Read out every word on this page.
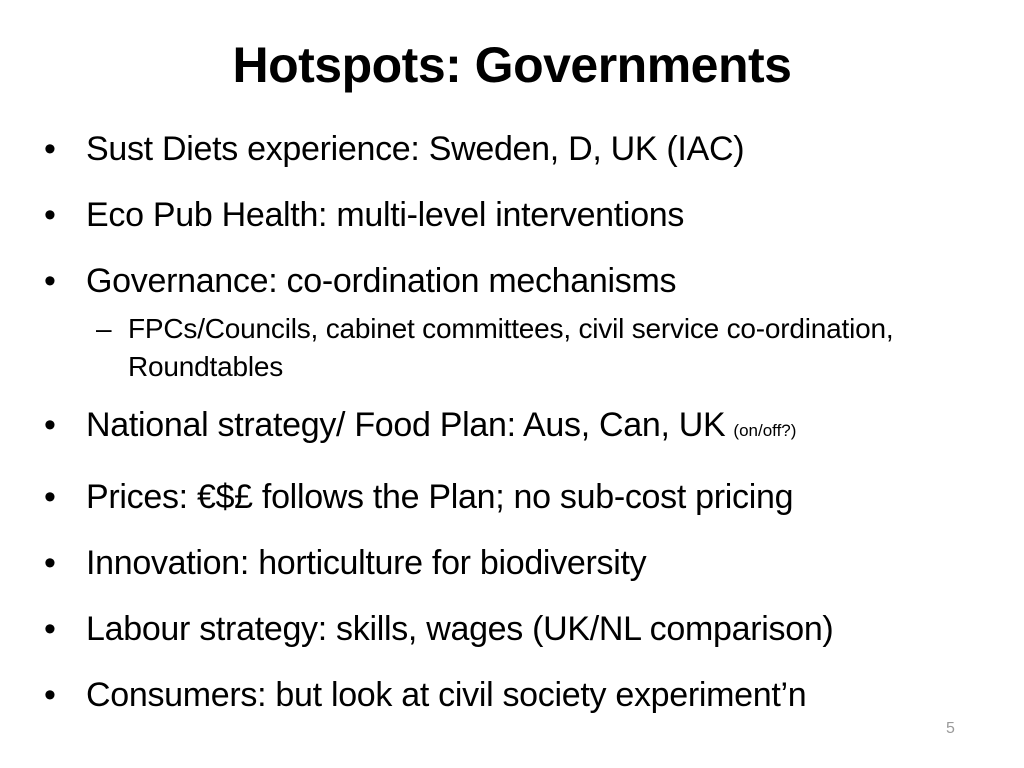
Hotspots: Governments
• Sust Diets experience: Sweden, D, UK (IAC)
• Eco Pub Health: multi-level interventions
• Governance: co-ordination mechanisms
– FPCs/Councils, cabinet committees, civil service co-ordination, Roundtables
• National strategy/ Food Plan: Aus, Can, UK (on/off?)
• Prices: €$£ follows the Plan; no sub-cost pricing
• Innovation: horticulture for biodiversity
• Labour strategy: skills, wages (UK/NL comparison)
• Consumers: but look at civil society experiment’n
5
